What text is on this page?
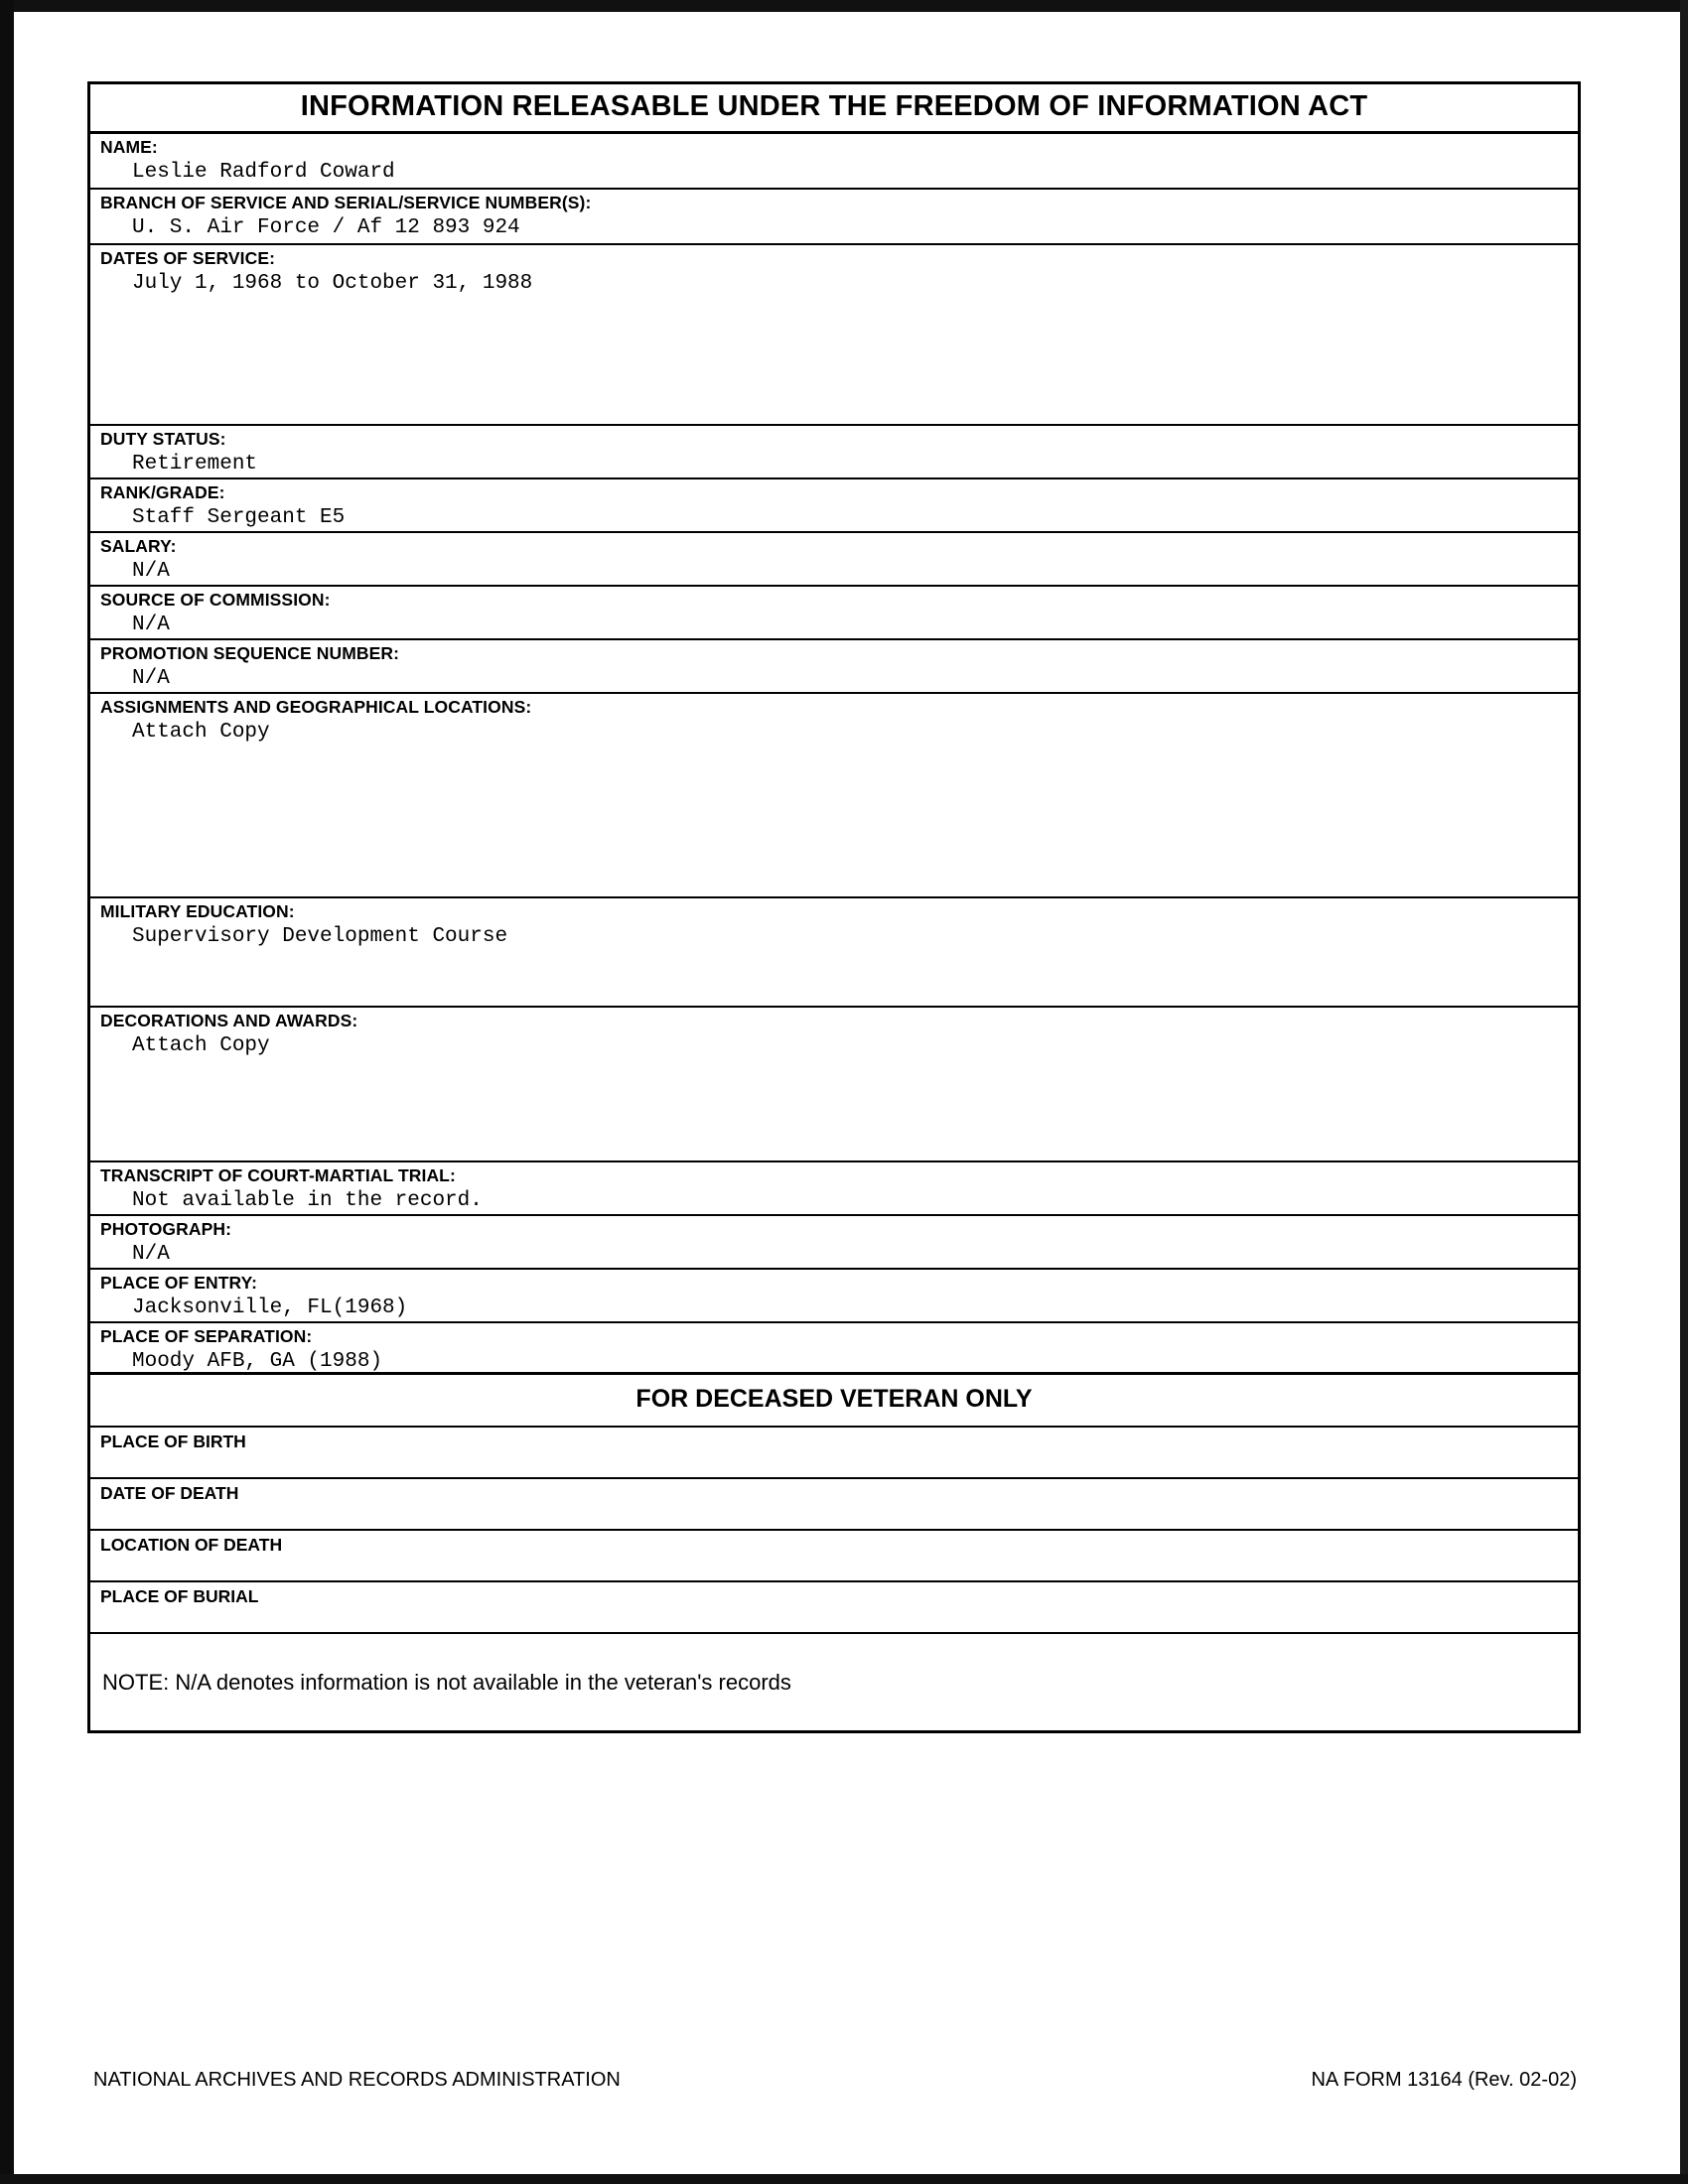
INFORMATION RELEASABLE UNDER THE FREEDOM OF INFORMATION ACT
NAME:
Leslie Radford Coward
BRANCH OF SERVICE AND SERIAL/SERVICE NUMBER(S):
U. S. Air Force / Af 12 893 924
DATES OF SERVICE:
July 1, 1968 to October 31, 1988
DUTY STATUS:
Retirement
RANK/GRADE:
Staff Sergeant E5
SALARY:
N/A
SOURCE OF COMMISSION:
N/A
PROMOTION SEQUENCE NUMBER:
N/A
ASSIGNMENTS AND GEOGRAPHICAL LOCATIONS:
Attach Copy
MILITARY EDUCATION:
Supervisory Development Course
DECORATIONS AND AWARDS:
Attach Copy
TRANSCRIPT OF COURT-MARTIAL TRIAL:
Not available in the record.
PHOTOGRAPH:
N/A
PLACE OF ENTRY:
Jacksonville, FL(1968)
PLACE OF SEPARATION:
Moody AFB, GA (1988)
FOR DECEASED VETERAN ONLY
PLACE OF BIRTH
DATE OF DEATH
LOCATION OF DEATH
PLACE OF BURIAL
NOTE: N/A denotes information is not available in the veteran's records
NATIONAL ARCHIVES AND RECORDS ADMINISTRATION	NA FORM 13164 (Rev. 02-02)
